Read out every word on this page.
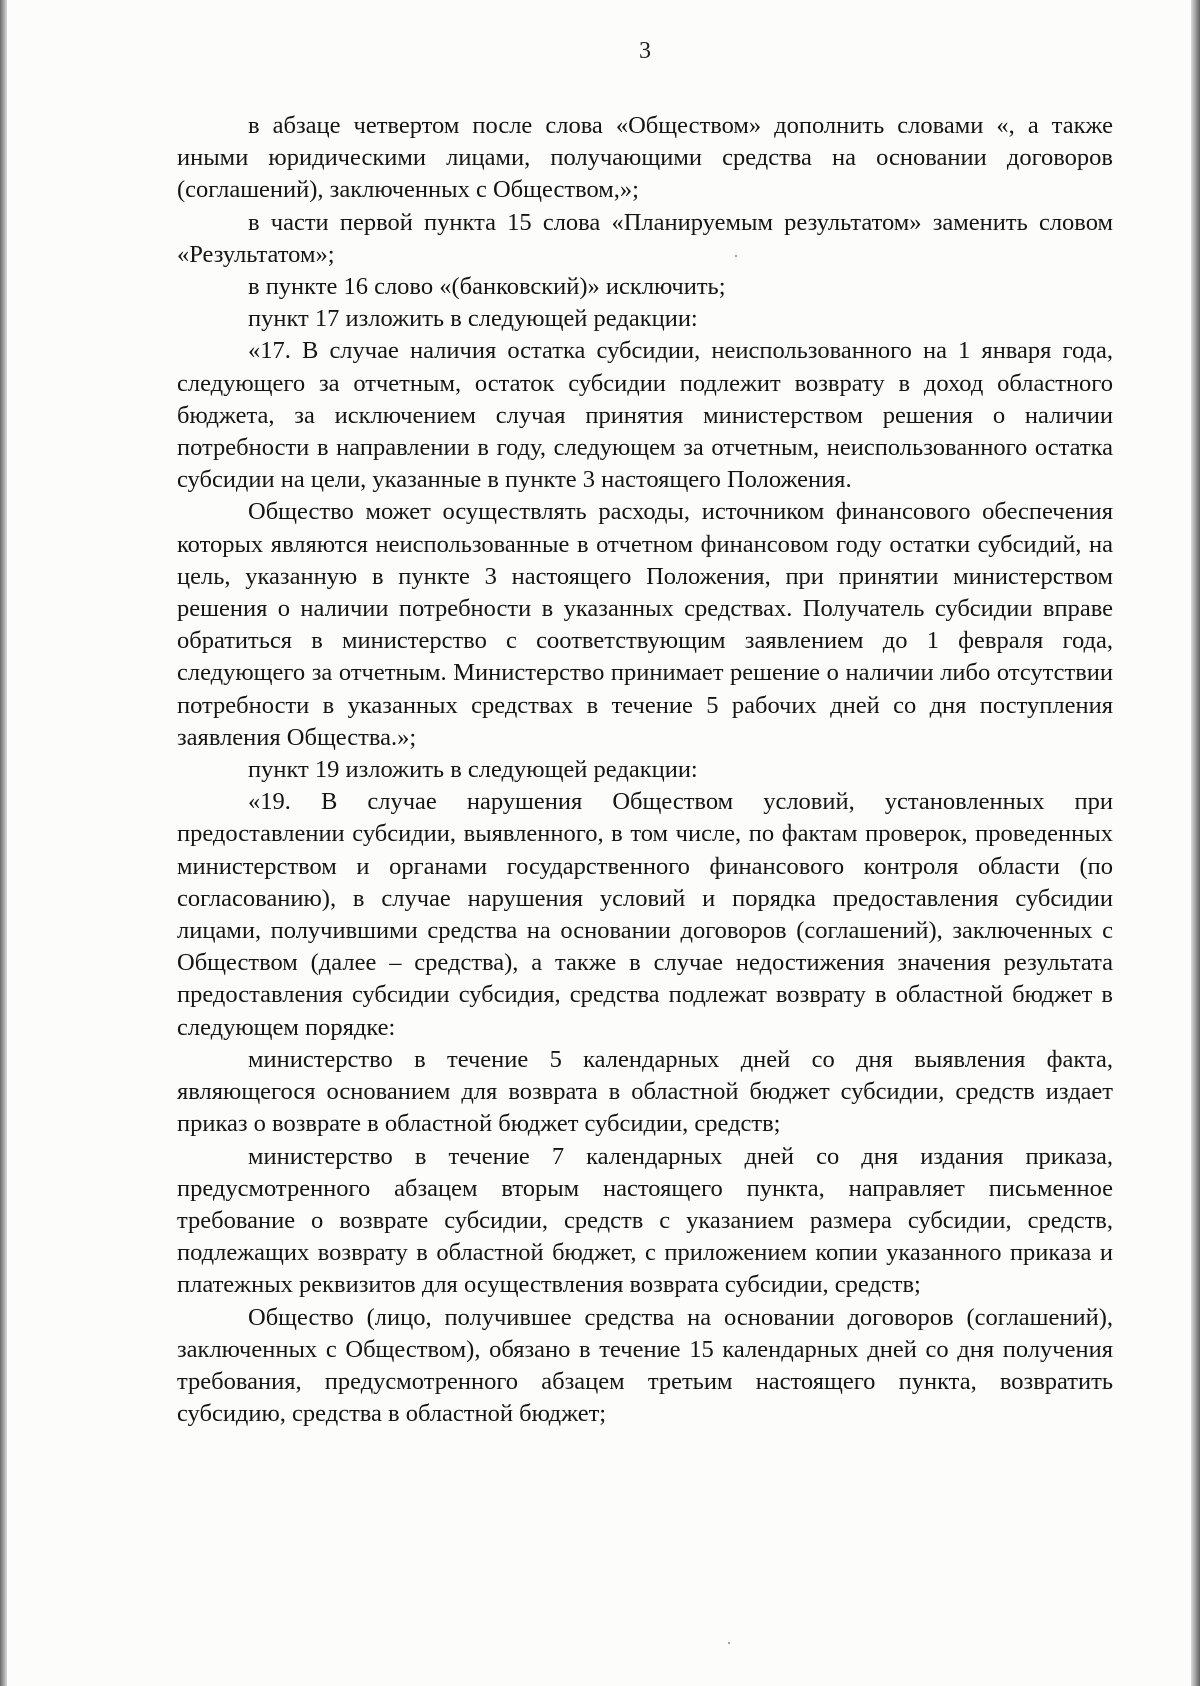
3

в абзаце четвертом после слова «Обществом» дополнить словами «, а также иными юридическими лицами, получающими средства на основании договоров (соглашений), заключенных с Обществом,»;

в части первой пункта 15 слова «Планируемым результатом» заменить словом «Результатом»;

в пункте 16 слово «(банковский)» исключить;

пункт 17 изложить в следующей редакции:

«17. В случае наличия остатка субсидии, неиспользованного на 1 января года, следующего за отчетным, остаток субсидии подлежит возврату в доход областного бюджета, за исключением случая принятия министерством решения о наличии потребности в направлении в году, следующем за отчетным, неиспользованного остатка субсидии на цели, указанные в пункте 3 настоящего Положения.

Общество может осуществлять расходы, источником финансового обеспечения которых являются неиспользованные в отчетном финансовом году остатки субсидий, на цель, указанную в пункте 3 настоящего Положения, при принятии министерством решения о наличии потребности в указанных средствах. Получатель субсидии вправе обратиться в министерство с соответствующим заявлением до 1 февраля года, следующего за отчетным. Министерство принимает решение о наличии либо отсутствии потребности в указанных средствах в течение 5 рабочих дней со дня поступления заявления Общества.»;

пункт 19 изложить в следующей редакции:

«19. В случае нарушения Обществом условий, установленных при предоставлении субсидии, выявленного, в том числе, по фактам проверок, проведенных министерством и органами государственного финансового контроля области (по согласованию), в случае нарушения условий и порядка предоставления субсидии лицами, получившими средства на основании договоров (соглашений), заключенных с Обществом (далее – средства), а также в случае недостижения значения результата предоставления субсидии субсидия, средства подлежат возврату в областной бюджет в следующем порядке:

министерство в течение 5 календарных дней со дня выявления факта, являющегося основанием для возврата в областной бюджет субсидии, средств издает приказ о возврате в областной бюджет субсидии, средств;

министерство в течение 7 календарных дней со дня издания приказа, предусмотренного абзацем вторым настоящего пункта, направляет письменное требование о возврате субсидии, средств с указанием размера субсидии, средств, подлежащих возврату в областной бюджет, с приложением копии указанного приказа и платежных реквизитов для осуществления возврата субсидии, средств;

Общество (лицо, получившее средства на основании договоров (соглашений), заключенных с Обществом), обязано в течение 15 календарных дней со дня получения требования, предусмотренного абзацем третьим настоящего пункта, возвратить субсидию, средства в областной бюджет;
